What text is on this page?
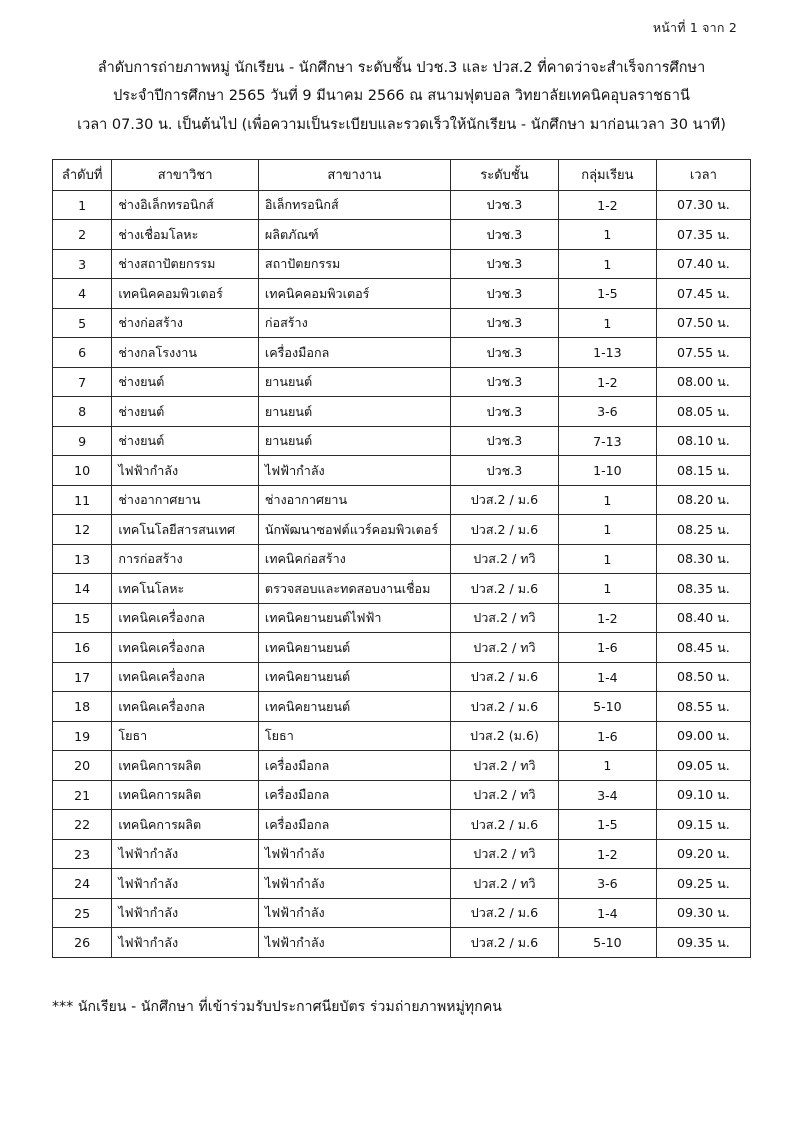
หน้าที่ 1 จาก 2
ลำดับการถ่ายภาพหมู่ นักเรียน - นักศึกษา ระดับชั้น ปวช.3 และ ปวส.2 ที่คาดว่าจะสำเร็จการศึกษา
ประจำปีการศึกษา 2565 วันที่ 9 มีนาคม 2566 ณ สนามฟุตบอล วิทยาลัยเทคนิคอุบลราชธานี
เวลา 07.30 น. เป็นต้นไป (เพื่อความเป็นระเบียบและรวดเร็วให้นักเรียน - นักศึกษา มาก่อนเวลา 30 นาที)
ลำดับที่	สาขาวิชา	สาขางาน	ระดับชั้น	กลุ่มเรียน	เวลา
1	ช่างอิเล็กทรอนิกส์	อิเล็กทรอนิกส์	ปวช.3	1-2	07.30 น.
2	ช่างเชื่อมโลหะ	ผลิตภัณฑ์	ปวช.3	1	07.35 น.
3	ช่างสถาปัตยกรรม	สถาปัตยกรรม	ปวช.3	1	07.40 น.
4	เทคนิคคอมพิวเตอร์	เทคนิคคอมพิวเตอร์	ปวช.3	1-5	07.45 น.
5	ช่างก่อสร้าง	ก่อสร้าง	ปวช.3	1	07.50 น.
6	ช่างกลโรงงาน	เครื่องมือกล	ปวช.3	1-13	07.55 น.
7	ช่างยนต์	ยานยนต์	ปวช.3	1-2	08.00 น.
8	ช่างยนต์	ยานยนต์	ปวช.3	3-6	08.05 น.
9	ช่างยนต์	ยานยนต์	ปวช.3	7-13	08.10 น.
10	ไฟฟ้ากำลัง	ไฟฟ้ากำลัง	ปวช.3	1-10	08.15 น.
11	ช่างอากาศยาน	ช่างอากาศยาน	ปวส.2 / ม.6	1	08.20 น.
12	เทคโนโลยีสารสนเทศ	นักพัฒนาซอฟต์แวร์คอมพิวเตอร์	ปวส.2 / ม.6	1	08.25 น.
13	การก่อสร้าง	เทคนิคก่อสร้าง	ปวส.2 / ทวิ	1	08.30 น.
14	เทคโนโลหะ	ตรวจสอบและทดสอบงานเชื่อม	ปวส.2 / ม.6	1	08.35 น.
15	เทคนิคเครื่องกล	เทคนิคยานยนต์ไฟฟ้า	ปวส.2 / ทวิ	1-2	08.40 น.
16	เทคนิคเครื่องกล	เทคนิคยานยนต์	ปวส.2 / ทวิ	1-6	08.45 น.
17	เทคนิคเครื่องกล	เทคนิคยานยนต์	ปวส.2 / ม.6	1-4	08.50 น.
18	เทคนิคเครื่องกล	เทคนิคยานยนต์	ปวส.2 / ม.6	5-10	08.55 น.
19	โยธา	โยธา	ปวส.2 (ม.6)	1-6	09.00 น.
20	เทคนิคการผลิต	เครื่องมือกล	ปวส.2 / ทวิ	1	09.05 น.
21	เทคนิคการผลิต	เครื่องมือกล	ปวส.2 / ทวิ	3-4	09.10 น.
22	เทคนิคการผลิต	เครื่องมือกล	ปวส.2 / ม.6	1-5	09.15 น.
23	ไฟฟ้ากำลัง	ไฟฟ้ากำลัง	ปวส.2 / ทวิ	1-2	09.20 น.
24	ไฟฟ้ากำลัง	ไฟฟ้ากำลัง	ปวส.2 / ทวิ	3-6	09.25 น.
25	ไฟฟ้ากำลัง	ไฟฟ้ากำลัง	ปวส.2 / ม.6	1-4	09.30 น.
26	ไฟฟ้ากำลัง	ไฟฟ้ากำลัง	ปวส.2 / ม.6	5-10	09.35 น.
*** นักเรียน - นักศึกษา ที่เข้าร่วมรับประกาศนียบัตร ร่วมถ่ายภาพหมู่ทุกคน
